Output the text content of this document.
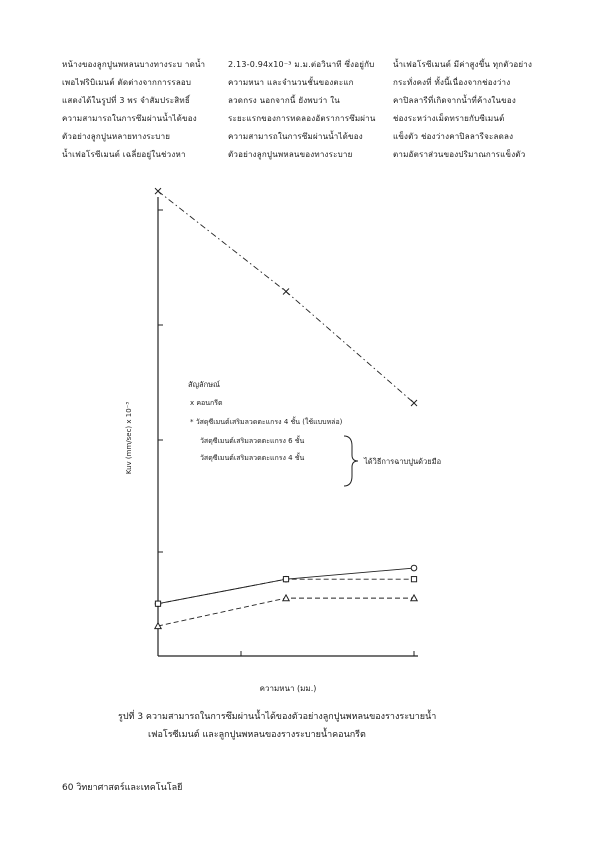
หน้างของลูกปูนพหลนบางทางระบ าดน้ำ
เพอไฟริบิเมนต์ ตัดต่างจากการรลอบ
แสดงได้ในรูปที่ 3 พร จำสัมประสิทธิ์
ความสามารถในการซึมผ่านน้ำได้ของ
ตัวอย่างลูกปูนหลายทางระบาย
น้ำเฟอโรซีเมนต์ เฉลี่ยอยู่ในช่วงหา
2.13-0.94x10⁻³ ม.ม.ต่อวินาที ซึ่งอยู่กับ
ความหนา และจำนวนชั้นของตะแก
ลวดกรง นอกจากนี้ ยังพบว่า ใน
ระยะแรกของการทดลองอัตราการซึมผ่าน
ความสามารถในการซึมผ่านน้ำได้ของ
ตัวอย่างลูกปูนพหลนของทางระบาย
น้ำเฟอโรซีเมนต์ มีค่าสูงขึ้น ทุกตัวอย่าง
กระทั่งคงที่ ทั้งนี้เนื่องจากช่องว่าง
คาปิลลารีที่เกิดจากน้ำที่ค้างในของ
ช่องระหว่างเม็ดทรายกับซีเมนต์
แข็งตัว ช่องว่างคาปิลลารีจะลดลง
ตามอัตราส่วนของปริมาณการแข็งตัว
Kuv (mm/sec) x 10⁻³
ความหนา (มม.)
สัญลักษณ์
x คอนกรีต
* วัสดุซีเมนต์เสริมลวดตะแกรง 4 ชั้น (ใช้แบบหล่อ)
วัสดุซีเมนต์เสริมลวดตะแกรง 6 ชั้น
วัสดุซีเมนต์เสริมลวดตะแกรง 4 ชั้น	ได้วิธีการฉาบปูนด้วยมือ
รูปที่ 3 ความสามารถในการซึมผ่านน้ำได้ของตัวอย่างลูกปูนพหลนของรางระบายน้ำ
เฟอโรซีเมนต์ และลูกปูนพหลนของรางระบายน้ำคอนกรีต
60 วิทยาศาสตร์และเทคโนโลยี
